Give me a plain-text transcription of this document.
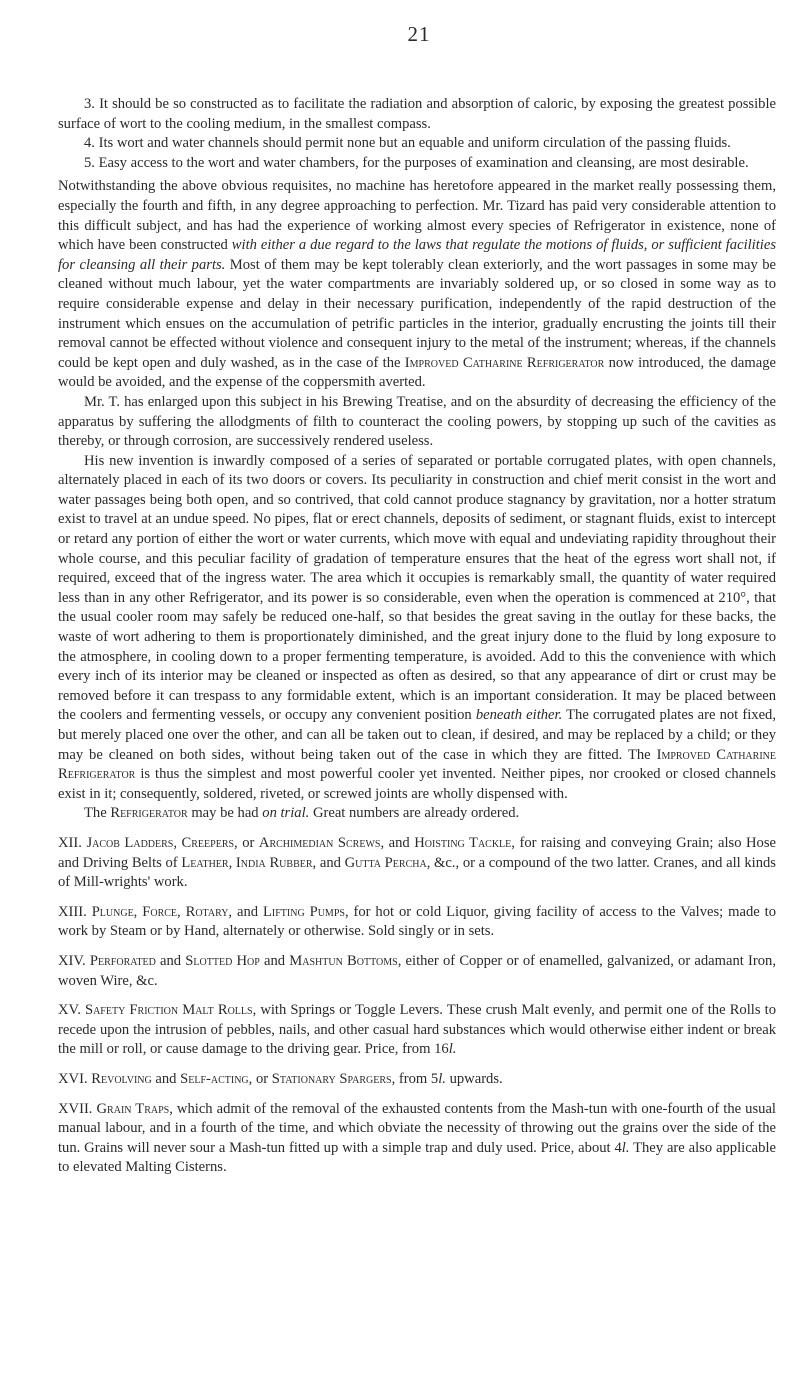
21

3. It should be so constructed as to facilitate the radiation and absorption of caloric, by exposing the greatest possible surface of wort to the cooling medium, in the smallest compass.

4. Its wort and water channels should permit none but an equable and uniform circulation of the passing fluids.

5. Easy access to the wort and water chambers, for the purposes of examination and cleansing, are most desirable.

Notwithstanding the above obvious requisites, no machine has heretofore appeared in the market really possessing them, especially the fourth and fifth, in any degree approaching to perfection. Mr. Tizard has paid very considerable attention to this difficult subject, and has had the experience of working almost every species of Refrigerator in existence, none of which have been constructed with either a due regard to the laws that regulate the motions of fluids, or sufficient facilities for cleansing all their parts. Most of them may be kept tolerably clean exteriorly, and the wort passages in some may be cleaned without much labour, yet the water compartments are invariably soldered up, or so closed in some way as to require considerable expense and delay in their necessary purification, independently of the rapid destruction of the instrument which ensues on the accumulation of petrific particles in the interior, gradually encrusting the joints till their removal cannot be effected without violence and consequent injury to the metal of the instrument; whereas, if the channels could be kept open and duly washed, as in the case of the Improved Catharine Refrigerator now introduced, the damage would be avoided, and the expense of the coppersmith averted.

Mr. T. has enlarged upon this subject in his Brewing Treatise, and on the absurdity of decreasing the efficiency of the apparatus by suffering the allodgments of filth to counteract the cooling powers, by stopping up such of the cavities as thereby, or through corrosion, are successively rendered useless.

His new invention is inwardly composed of a series of separated or portable corrugated plates, with open channels, alternately placed in each of its two doors or covers. Its peculiarity in construction and chief merit consist in the wort and water passages being both open, and so contrived, that cold cannot produce stagnancy by gravitation, nor a hotter stratum exist to travel at an undue speed. No pipes, flat or erect channels, deposits of sediment, or stagnant fluids, exist to intercept or retard any portion of either the wort or water currents, which move with equal and undeviating rapidity throughout their whole course, and this peculiar facility of gradation of temperature ensures that the heat of the egress wort shall not, if required, exceed that of the ingress water. The area which it occupies is remarkably small, the quantity of water required less than in any other Refrigerator, and its power is so considerable, even when the operation is commenced at 210°, that the usual cooler room may safely be reduced one-half, so that besides the great saving in the outlay for these backs, the waste of wort adhering to them is proportionately diminished, and the great injury done to the fluid by long exposure to the atmosphere, in cooling down to a proper fermenting temperature, is avoided. Add to this the convenience with which every inch of its interior may be cleaned or inspected as often as desired, so that any appearance of dirt or crust may be removed before it can trespass to any formidable extent, which is an important consideration. It may be placed between the coolers and fermenting vessels, or occupy any convenient position beneath either. The corrugated plates are not fixed, but merely placed one over the other, and can all be taken out to clean, if desired, and may be replaced by a child; or they may be cleaned on both sides, without being taken out of the case in which they are fitted. The Improved Catharine Refrigerator is thus the simplest and most powerful cooler yet invented. Neither pipes, nor crooked or closed channels exist in it; consequently, soldered, riveted, or screwed joints are wholly dispensed with.

The Refrigerator may be had on trial. Great numbers are already ordered.

XII. Jacob Ladders, Creepers, or Archimedian Screws, and Hoisting Tackle, for raising and conveying Grain; also Hose and Driving Belts of Leather, India Rubber, and Gutta Percha, &c., or a compound of the two latter. Cranes, and all kinds of Mill-wrights' work.

XIII. Plunge, Force, Rotary, and Lifting Pumps, for hot or cold Liquor, giving facility of access to the Valves; made to work by Steam or by Hand, alternately or otherwise. Sold singly or in sets.

XIV. Perforated and Slotted Hop and Mashtun Bottoms, either of Copper or of enamelled, galvanized, or adamant Iron, woven Wire, &c.

XV. Safety Friction Malt Rolls, with Springs or Toggle Levers. These crush Malt evenly, and permit one of the Rolls to recede upon the intrusion of pebbles, nails, and other casual hard substances which would otherwise either indent or break the mill or roll, or cause damage to the driving gear. Price, from 16l.

XVI. Revolving and Self-acting, or Stationary Spargers, from 5l. upwards.

XVII. Grain Traps, which admit of the removal of the exhausted contents from the Mash-tun with one-fourth of the usual manual labour, and in a fourth of the time, and which obviate the necessity of throwing out the grains over the side of the tun. Grains will never sour a Mash-tun fitted up with a simple trap and duly used. Price, about 4l. They are also applicable to elevated Malting Cisterns.
